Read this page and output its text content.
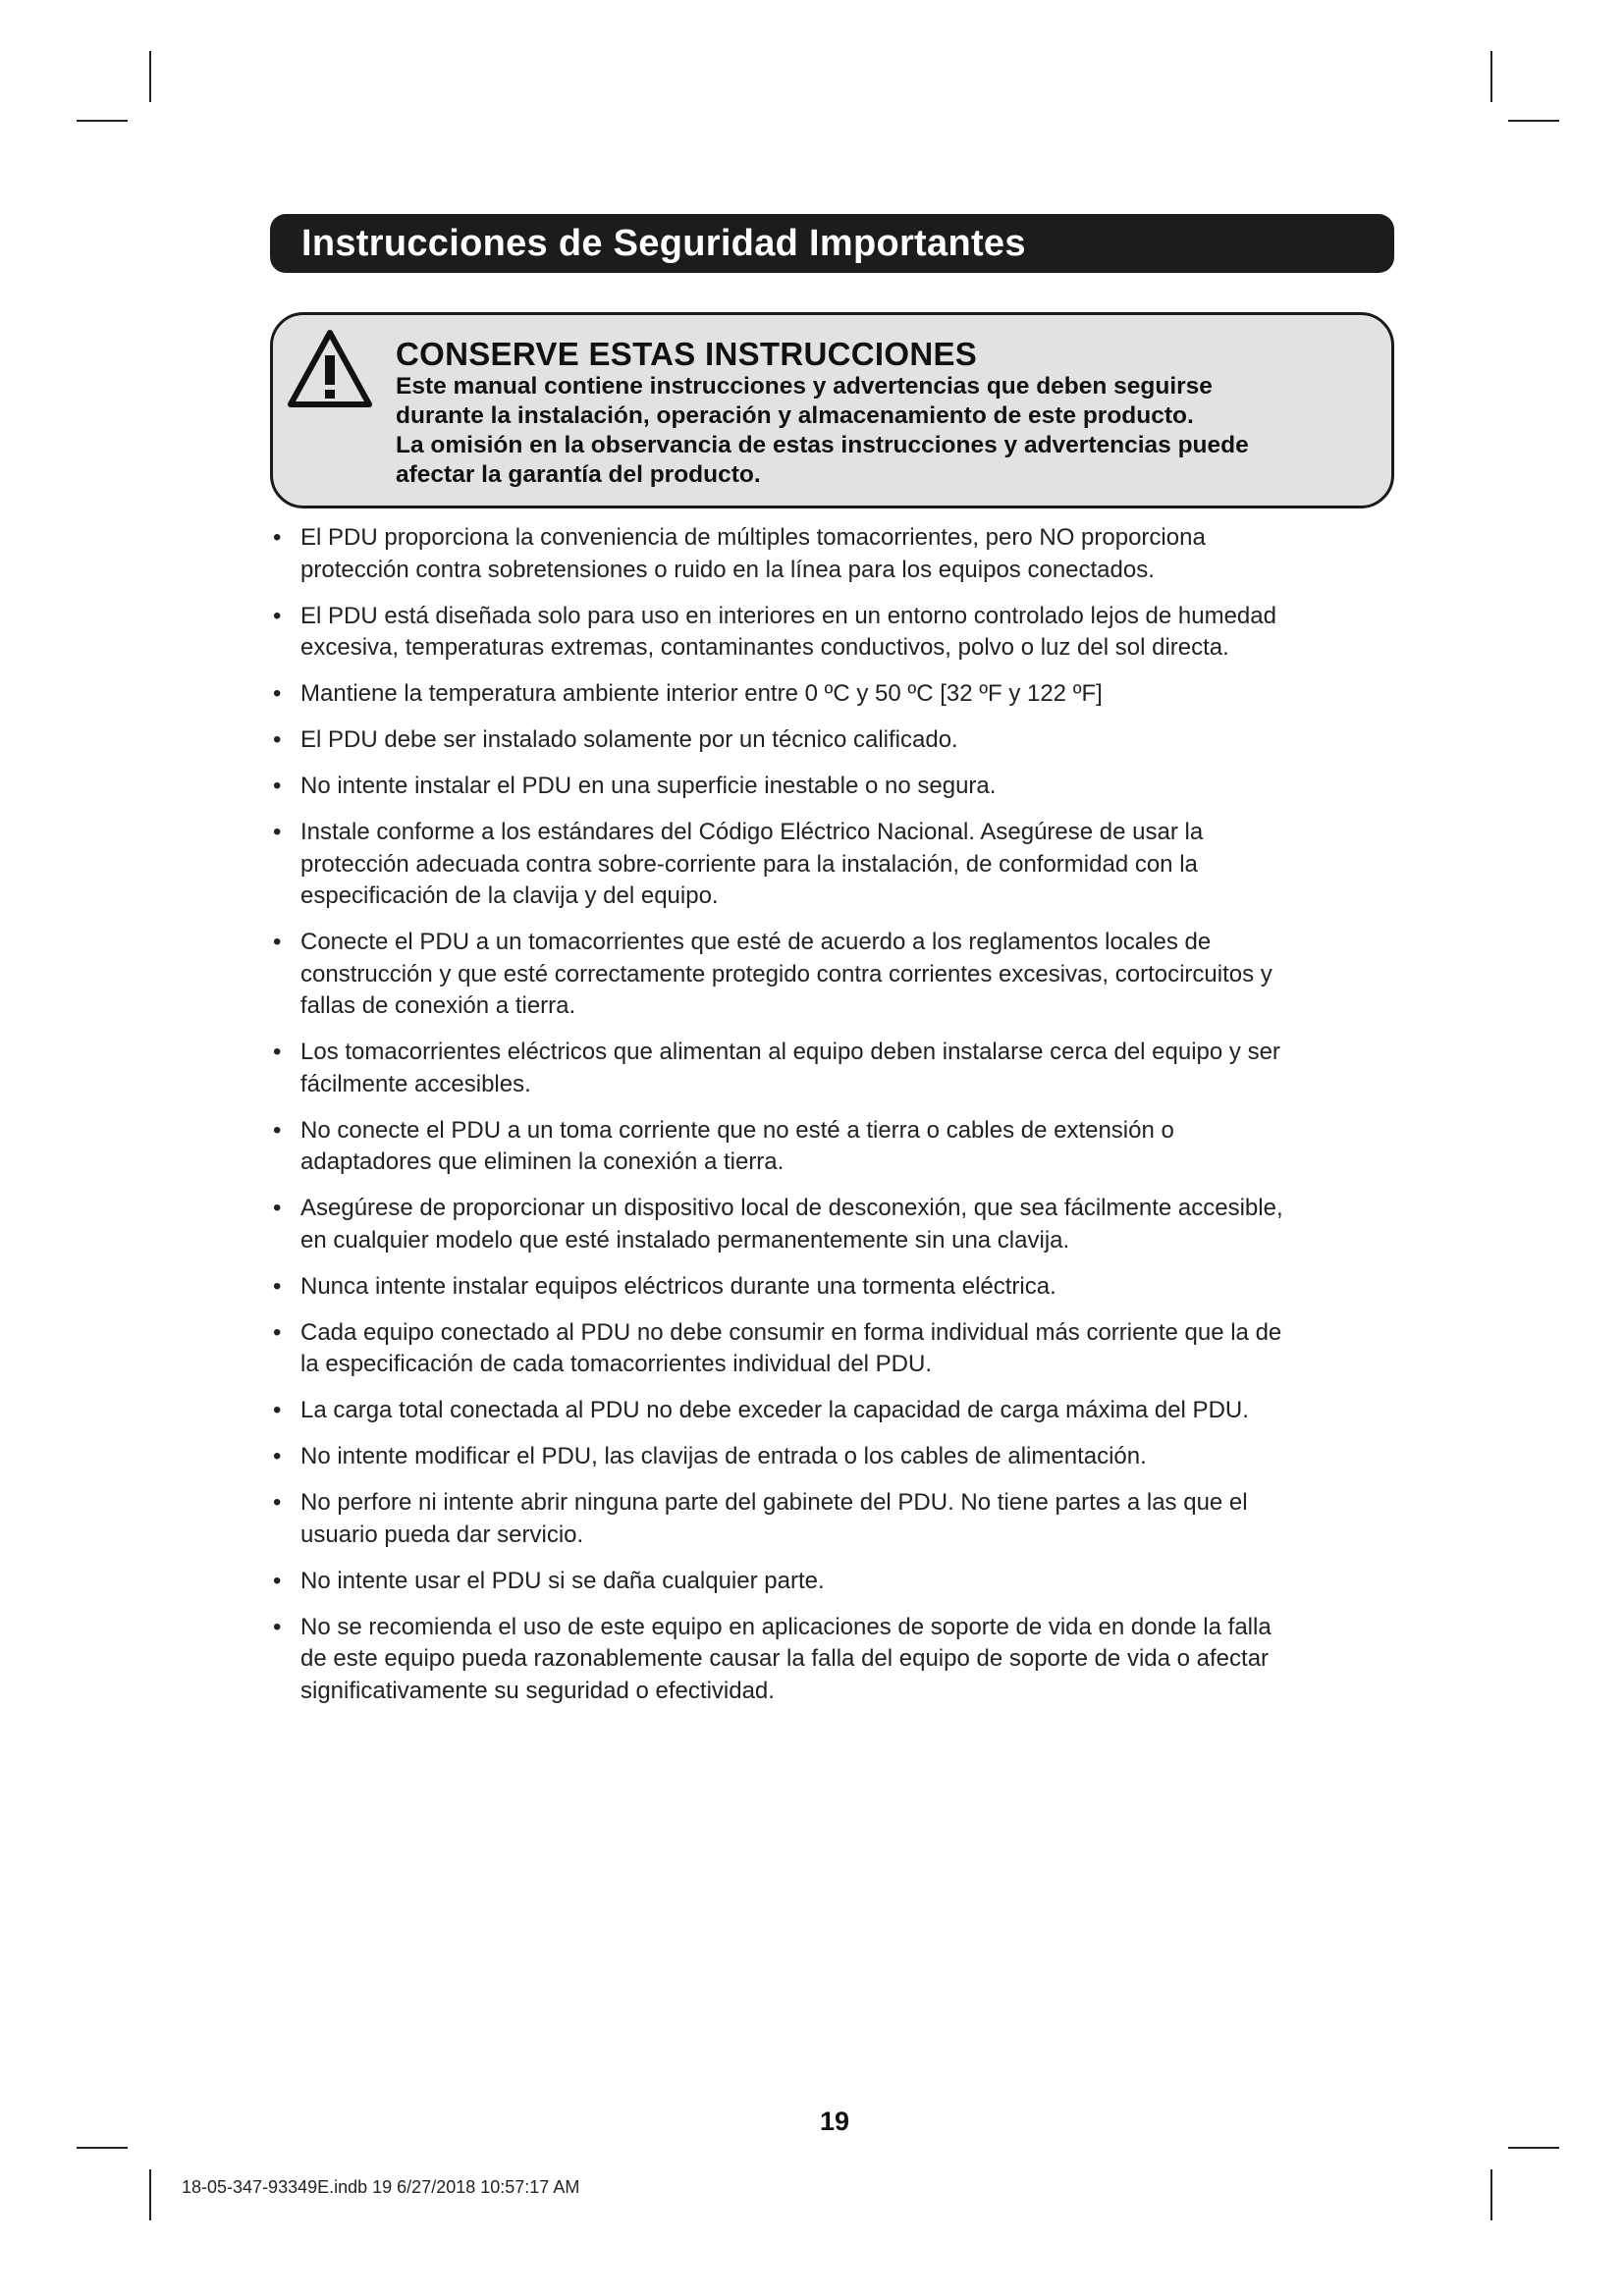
Instrucciones de Seguridad Importantes
CONSERVE ESTAS INSTRUCCIONES
Este manual contiene instrucciones y advertencias que deben seguirse
durante la instalación, operación y almacenamiento de este producto.
La omisión en la observancia de estas instrucciones y advertencias puede
afectar la garantía del producto.
• El PDU proporciona la conveniencia de múltiples tomacorrientes, pero NO proporciona
protección contra sobretensiones o ruido en la línea para los equipos conectados.
• El PDU está diseñada solo para uso en interiores en un entorno controlado lejos de humedad
excesiva, temperaturas extremas, contaminantes conductivos, polvo o luz del sol directa.
• Mantiene la temperatura ambiente interior entre 0 ºC y 50 ºC [32 ºF y 122 ºF]
• El PDU debe ser instalado solamente por un técnico calificado.
• No intente instalar el PDU en una superficie inestable o no segura.
• Instale conforme a los estándares del Código Eléctrico Nacional. Asegúrese de usar la
protección adecuada contra sobre-corriente para la instalación, de conformidad con la
especificación de la clavija y del equipo.
• Conecte el PDU a un tomacorrientes que esté de acuerdo a los reglamentos locales de
construcción y que esté correctamente protegido contra corrientes excesivas, cortocircuitos y
fallas de conexión a tierra.
• Los tomacorrientes eléctricos que alimentan al equipo deben instalarse cerca del equipo y ser
fácilmente accesibles.
• No conecte el PDU a un toma corriente que no esté a tierra o cables de extensión o
adaptadores que eliminen la conexión a tierra.
• Asegúrese de proporcionar un dispositivo local de desconexión, que sea fácilmente accesible,
en cualquier modelo que esté instalado permanentemente sin una clavija.
• Nunca intente instalar equipos eléctricos durante una tormenta eléctrica.
• Cada equipo conectado al PDU no debe consumir en forma individual más corriente que la de
la especificación de cada tomacorrientes individual del PDU.
• La carga total conectada al PDU no debe exceder la capacidad de carga máxima del PDU.
• No intente modificar el PDU, las clavijas de entrada o los cables de alimentación.
• No perfore ni intente abrir ninguna parte del gabinete del PDU. No tiene partes a las que el
usuario pueda dar servicio.
• No intente usar el PDU si se daña cualquier parte.
• No se recomienda el uso de este equipo en aplicaciones de soporte de vida en donde la falla
de este equipo pueda razonablemente causar la falla del equipo de soporte de vida o afectar
significativamente su seguridad o efectividad.
19
18-05-347-93349E.indb 19 6/27/2018 10:57:17 AM
